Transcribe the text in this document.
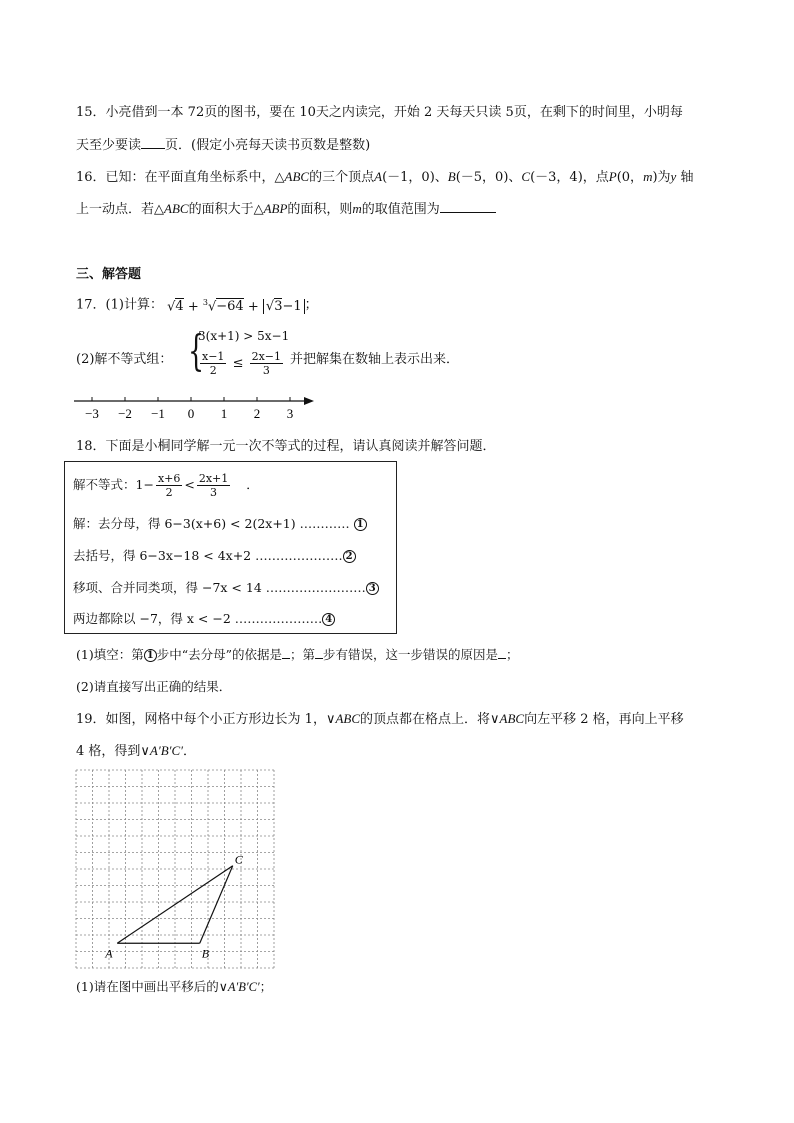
15．小亮借到一本 72页的图书，要在 10天之内读完，开始 2 天每天只读 5页，在剩下的时间里，小明每
天至少要读 页．(假定小亮每天读书页数是整数)
16．已知：在平面直角坐标系中，△ABC的三个顶点A(－1，0)、B(－5，0)、C(－3，4)，点P(0，m)为y 轴
上一动点．若△ABC的面积大于△ABP的面积，则m的取值范围为
三、解答题
17．(1)计算： √4 + $^3$√−64 + √3−1 ；
(2)解不等式组： {
3(x+1) > 5x−1
$\frac{x-1}{2} \le \frac{2x-1}{3}$ 并把解集在数轴上表示出来．
−3 −2 −1 0 1 2 3
18．下面是小桐同学解一元一次不等式的过程，请认真阅读并解答问题．
解不等式：$1- \frac{x+6}{2} < \frac{2x+1}{3}$ ．
解：去分母，得 6−3(x+6) < 2(2x+1) ………… 1
去括号，得 6−3x−18 < 4x+2 ………………… 2
移项、合并同类项，得 −7x < 14 …………………… 3
两边都除以 −7，得 x < −2 ………………… 4
(1)填空：第 1 步中“去分母”的依据是 ；第 步有错误，这一步错误的原因是 ；
(2)请直接写出正确的结果．
19．如图，网格中每个小正方形边长为 1，∨ABC的顶点都在格点上．将∨ABC向左平移 2 格，再向上平移
4 格，得到∨A′B′C′．
A	B
C
(1)请在图中画出平移后的∨A′B′C′；
